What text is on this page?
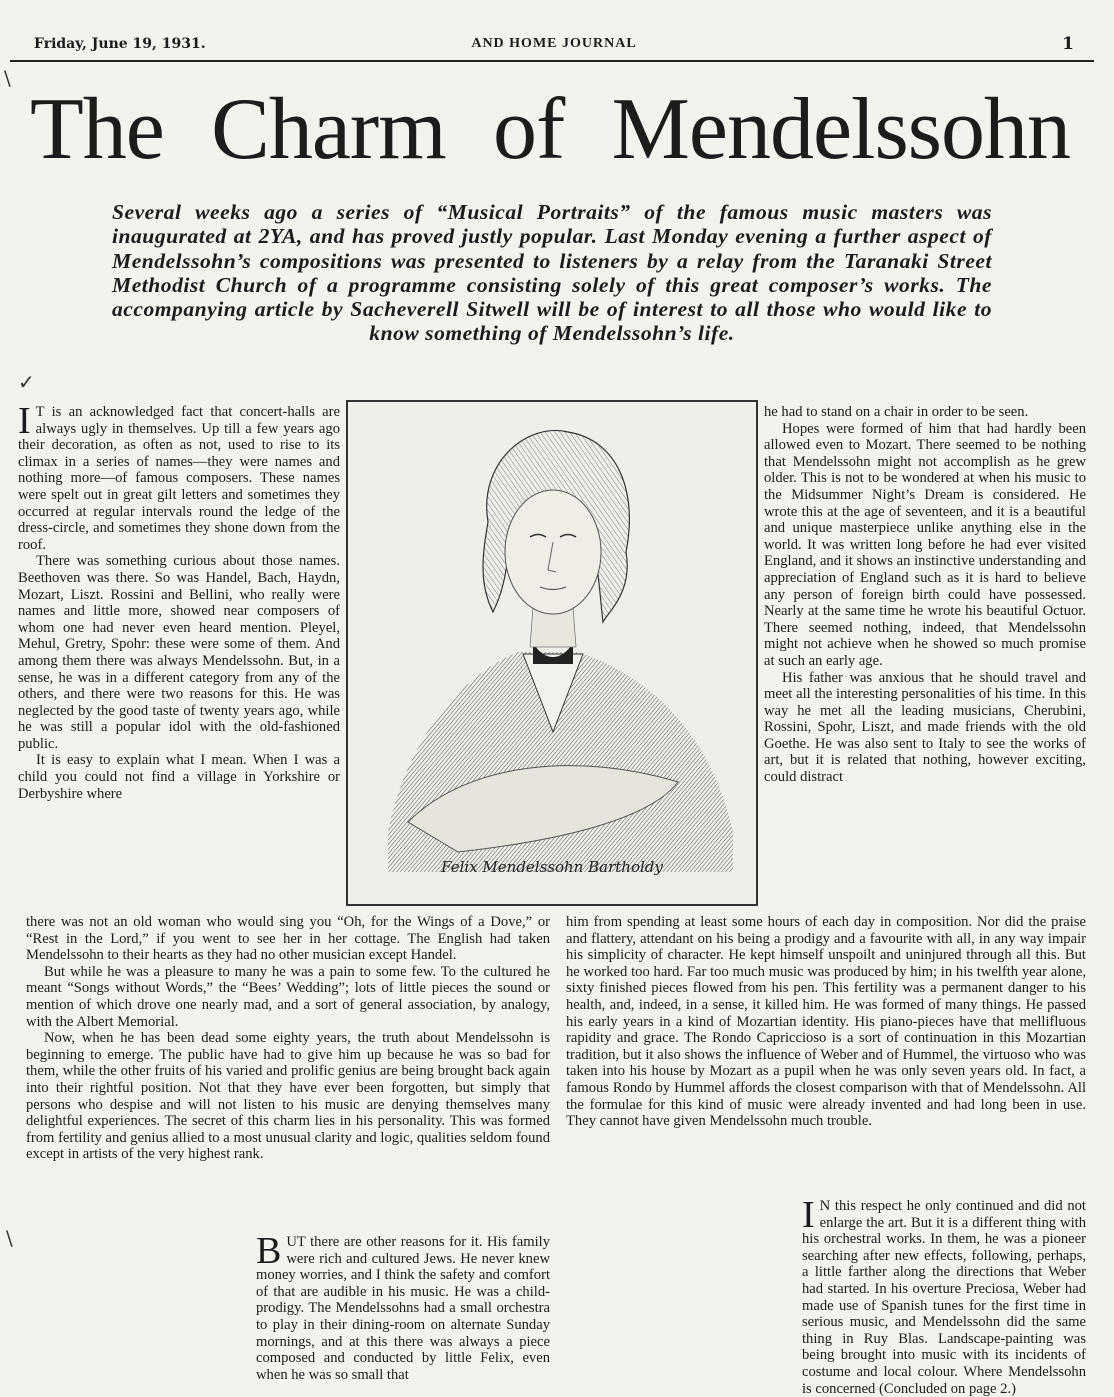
Friday, June 19, 1931.	AND HOME JOURNAL	1
The Charm of Mendelssohn
Several weeks ago a series of “Musical Portraits” of the famous music masters was inaugurated at 2YA, and has proved justly popular. Last Monday evening a further aspect of Mendelssohn’s compositions was presented to listeners by a relay from the Taranaki Street Methodist Church of a programme consisting solely of this great composer’s works. The accompanying article by Sacheverell Sitwell will be of interest to all those who would like to know something of Mendelssohn’s life.

I T is an acknowledged fact that concert-halls are always ugly in themselves. Up till a few years ago their decoration, as often as not, used to rise to its climax in a series of names—they were names and nothing more—of famous composers. These names were spelt out in great gilt letters and sometimes they occurred at regular intervals round the ledge of the dress-circle, and sometimes they shone down from the roof.

There was something curious about those names. Beethoven was there. So was Handel, Bach, Haydn, Mozart, Liszt. Rossini and Bellini, who really were names and little more, showed near composers of whom one had never even heard mention. Pleyel, Mehul, Gretry, Spohr: these were some of them. And among them there was always Mendelssohn. But, in a sense, he was in a different category from any of the others, and there were two reasons for this. He was neglected by the good taste of twenty years ago, while he was still a popular idol with the old-fashioned public.

It is easy to explain what I mean. When I was a child you could not find a village in Yorkshire or Derbyshire where

Felix Mendelssohn Bartholdy

he had to stand on a chair in order to be seen.

Hopes were formed of him that had hardly been allowed even to Mozart. There seemed to be nothing that Mendelssohn might not accomplish as he grew older. This is not to be wondered at when his music to the Midsummer Night’s Dream is considered. He wrote this at the age of seventeen, and it is a beautiful and unique masterpiece unlike anything else in the world. It was written long before he had ever visited England, and it shows an instinctive understanding and appreciation of England such as it is hard to believe any person of foreign birth could have possessed. Nearly at the same time he wrote his beautiful Octuor. There seemed nothing, indeed, that Mendelssohn might not achieve when he showed so much promise at such an early age.

His father was anxious that he should travel and meet all the interesting personalities of his time. In this way he met all the leading musicians, Cherubini, Rossini, Spohr, Liszt, and made friends with the old Goethe. He was also sent to Italy to see the works of art, but it is related that nothing, however exciting, could distract

there was not an old woman who would sing you “Oh, for the Wings of a Dove,” or “Rest in the Lord,” if you went to see her in her cottage. The English had taken Mendelssohn to their hearts as they had no other musician except Handel.

But while he was a pleasure to many he was a pain to some few. To the cultured he meant “Songs without Words,” the “Bees’ Wedding”; lots of little pieces the sound or mention of which drove one nearly mad, and a sort of general association, by analogy, with the Albert Memorial.

Now, when he has been dead some eighty years, the truth about Mendelssohn is beginning to emerge. The public have had to give him up because he was so bad for them, while the other fruits of his varied and prolific genius are being brought back again into their rightful position. Not that they have ever been forgotten, but simply that persons who despise and will not listen to his music are denying themselves many delightful experiences. The secret of this charm lies in his personality. This was formed from fertility and genius allied to a most unusual clarity and logic, qualities seldom found except in artists of the very highest rank.

him from spending at least some hours of each day in composition. Nor did the praise and flattery, attendant on his being a prodigy and a favourite with all, in any way impair his simplicity of character. He kept himself unspoilt and uninjured through all this. But he worked too hard. Far too much music was produced by him; in his twelfth year alone, sixty finished pieces flowed from his pen. This fertility was a permanent danger to his health, and, indeed, in a sense, it killed him. He was formed of many things. He passed his early years in a kind of Mozartian identity. His piano-pieces have that mellifluous rapidity and grace. The Rondo Capriccioso is a sort of continuation in this Mozartian tradition, but it also shows the influence of Weber and of Hummel, the virtuoso who was taken into his house by Mozart as a pupil when he was only seven years old. In fact, a famous Rondo by Hummel affords the closest comparison with that of Mendelssohn. All the formulae for this kind of music were already invented and had long been in use. They cannot have given Mendelssohn much trouble.

BUT there are other reasons for it. His family were rich and cultured Jews. He never knew money worries, and I think the safety and comfort of that are audible in his music. He was a child-prodigy. The Mendelssohns had a small orchestra to play in their dining-room on alternate Sunday mornings, and at this there was always a piece composed and conducted by little Felix, even when he was so small that

I N this respect he only continued and did not enlarge the art. But it is a different thing with his orchestral works. In them, he was a pioneer searching after new effects, following, perhaps, a little farther along the directions that Weber had started. In his overture Preciosa, Weber had made use of Spanish tunes for the first time in serious music, and Mendelssohn did the same thing in Ruy Blas. Landscape-painting was being brought into music with its incidents of costume and local colour. Where Mendelssohn is concerned (Concluded on page 2.)

\
✓
\
